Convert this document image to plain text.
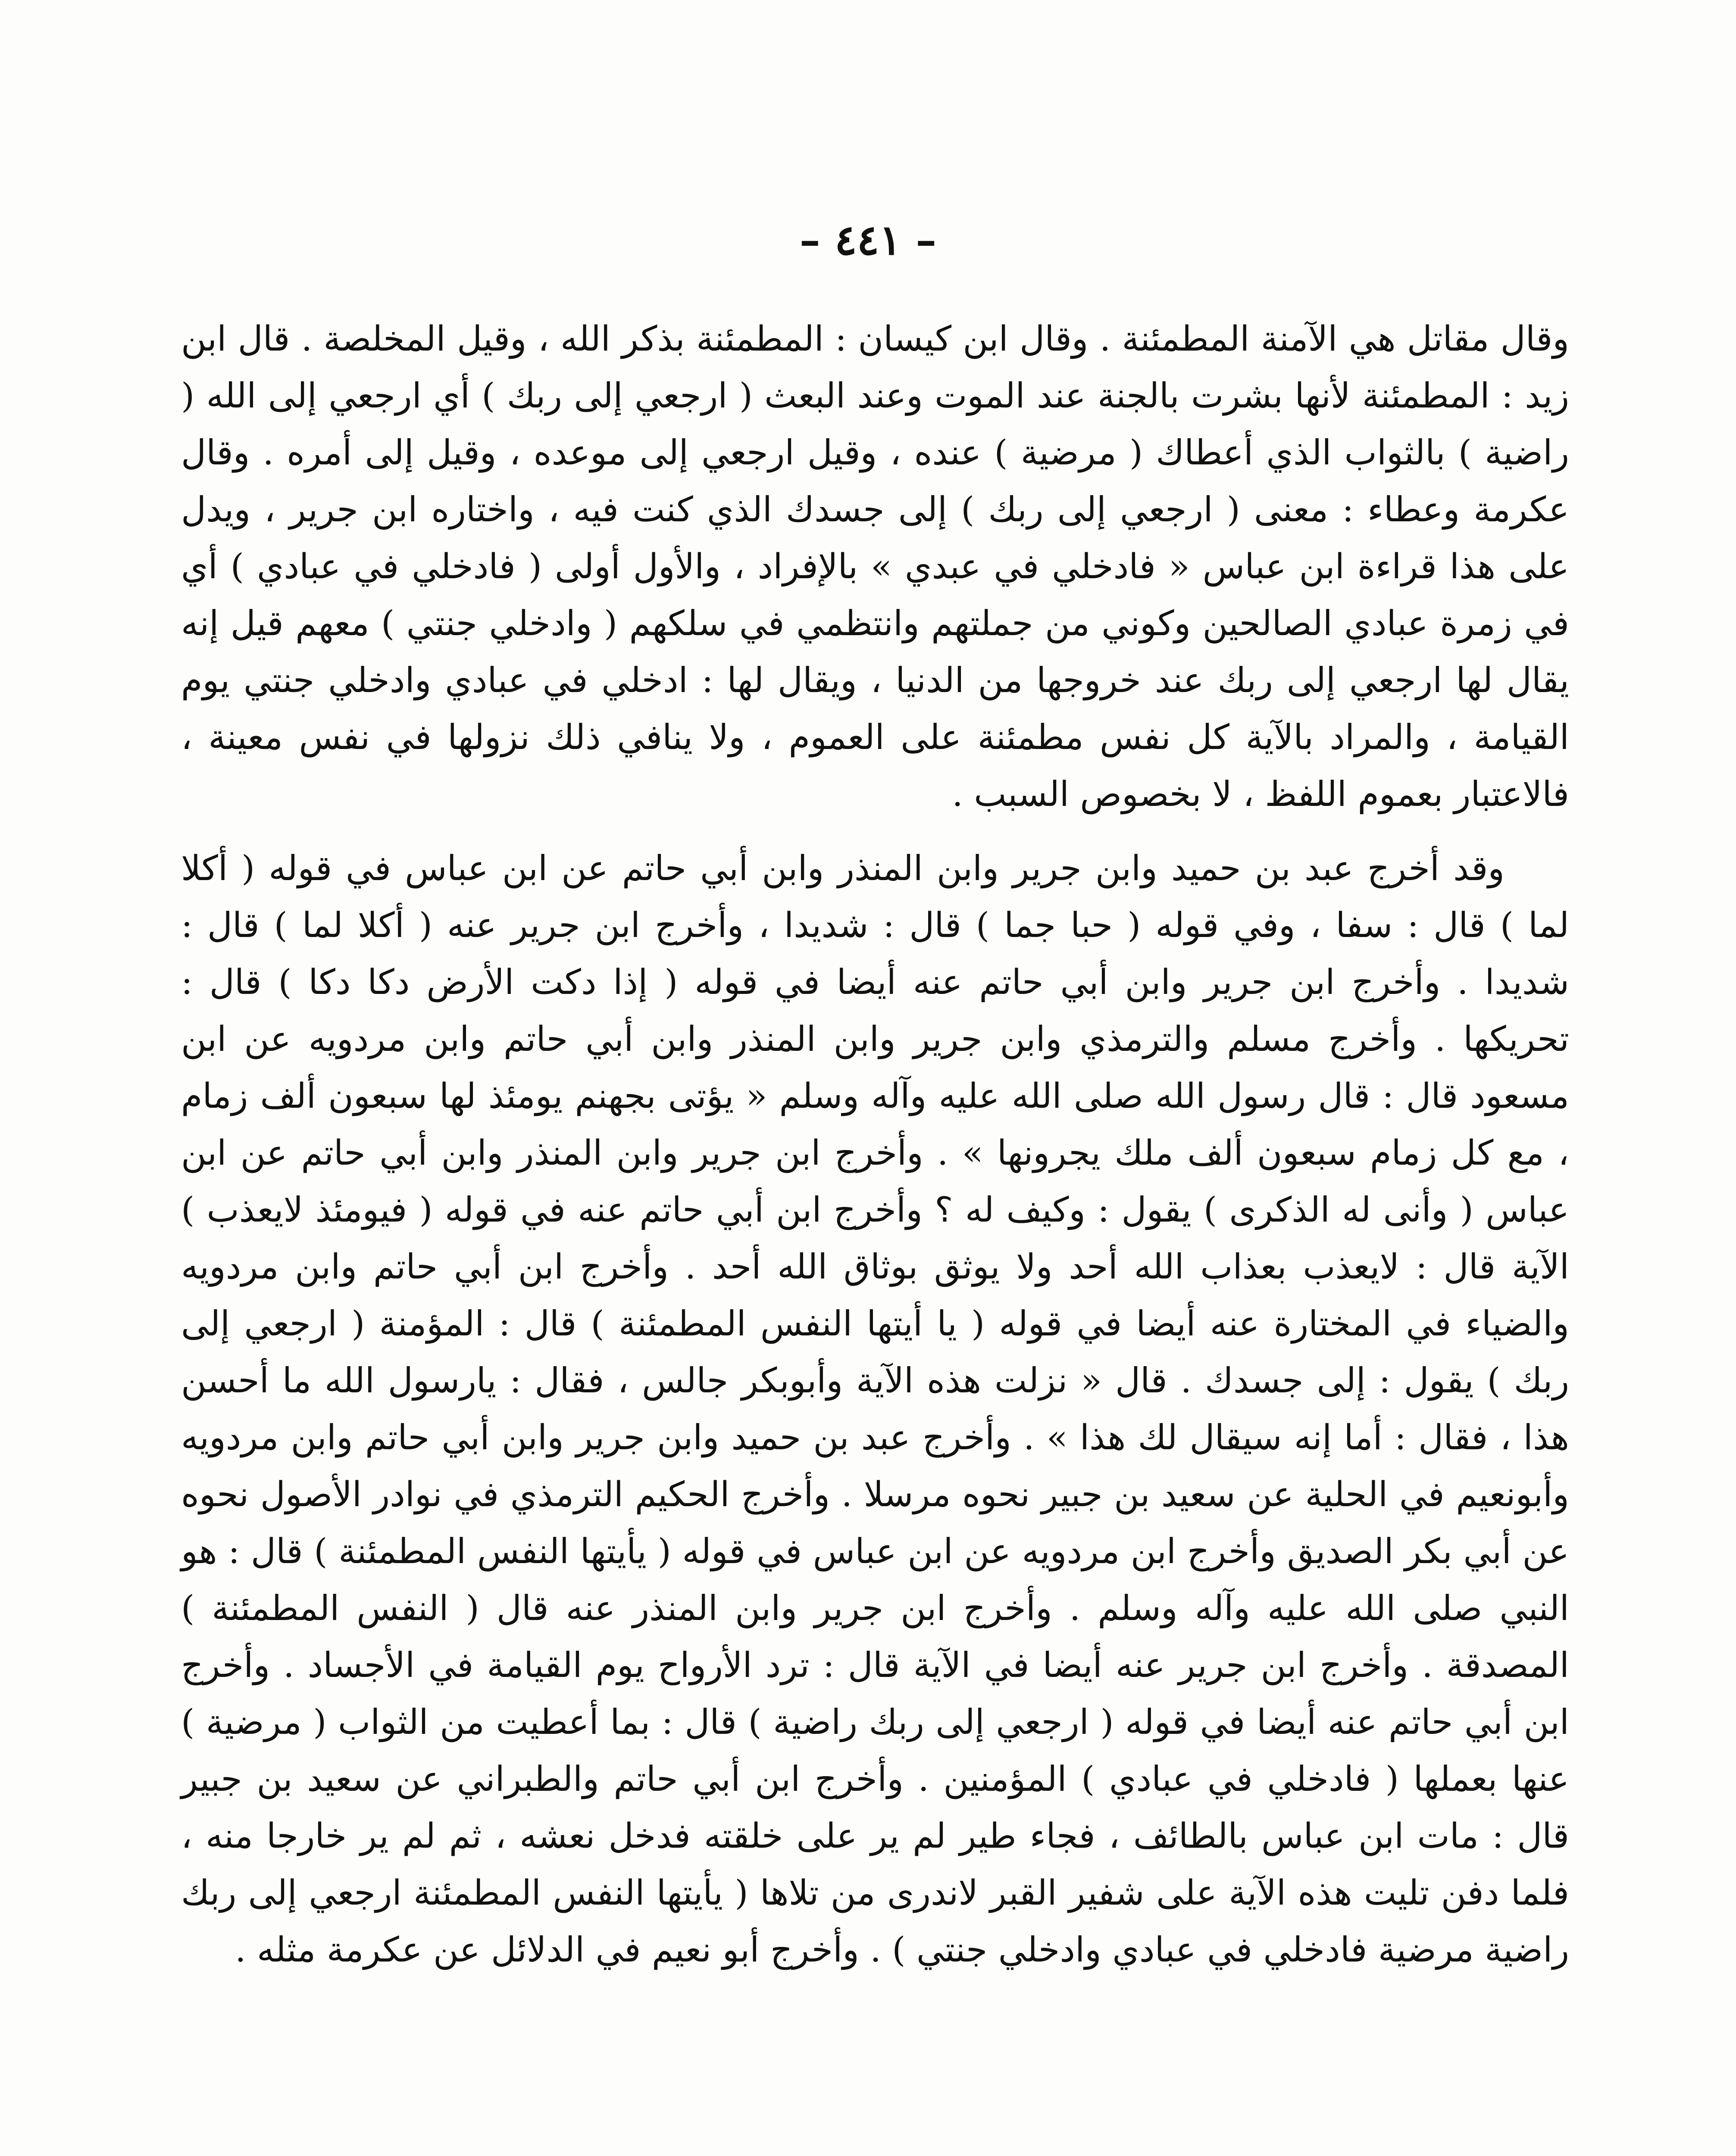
– ٤٤١ –

وقال مقاتل هي الآمنة المطمئنة . وقال ابن كيسان : المطمئنة بذكر الله ، وقيل المخلصة . قال ابن زيد : المطمئنة لأنها بشرت بالجنة عند الموت وعند البعث ( ارجعي إلى ربك ) أي ارجعي إلى الله ( راضية ) بالثواب الذي أعطاك ( مرضية ) عنده ، وقيل ارجعي إلى موعده ، وقيل إلى أمره . وقال عكرمة وعطاء : معنى ( ارجعي إلى ربك ) إلى جسدك الذي كنت فيه ، واختاره ابن جرير ، ويدل على هذا قراءة ابن عباس « فادخلي في عبدي » بالإفراد ، والأول أولى ( فادخلي في عبادي ) أي في زمرة عبادي الصالحين وكوني من جملتهم وانتظمي في سلكهم ( وادخلي جنتي ) معهم قيل إنه يقال لها ارجعي إلى ربك عند خروجها من الدنيا ، ويقال لها : ادخلي في عبادي وادخلي جنتي يوم القيامة ، والمراد بالآية كل نفس مطمئنة على العموم ، ولا ينافي ذلك نزولها في نفس معينة ، فالاعتبار بعموم اللفظ ، لا بخصوص السبب .

وقد أخرج عبد بن حميد وابن جرير وابن المنذر وابن أبي حاتم عن ابن عباس في قوله ( أكلا لما ) قال : سفا ، وفي قوله ( حبا جما ) قال : شديدا ، وأخرج ابن جرير عنه ( أكلا لما ) قال : شديدا . وأخرج ابن جرير وابن أبي حاتم عنه أيضا في قوله ( إذا دكت الأرض دكا دكا ) قال : تحريكها . وأخرج مسلم والترمذي وابن جرير وابن المنذر وابن أبي حاتم وابن مردويه عن ابن مسعود قال : قال رسول الله صلى الله عليه وآله وسلم « يؤتى بجهنم يومئذ لها سبعون ألف زمام ، مع كل زمام سبعون ألف ملك يجرونها » . وأخرج ابن جرير وابن المنذر وابن أبي حاتم عن ابن عباس ( وأنى له الذكرى ) يقول : وكيف له ؟ وأخرج ابن أبي حاتم عنه في قوله ( فيومئذ لايعذب ) الآية قال : لايعذب بعذاب الله أحد ولا يوثق بوثاق الله أحد . وأخرج ابن أبي حاتم وابن مردويه والضياء في المختارة عنه أيضا في قوله ( يا أيتها النفس المطمئنة ) قال : المؤمنة ( ارجعي إلى ربك ) يقول : إلى جسدك . قال « نزلت هذه الآية وأبوبكر جالس ، فقال : يارسول الله ما أحسن هذا ، فقال : أما إنه سيقال لك هذا » . وأخرج عبد بن حميد وابن جرير وابن أبي حاتم وابن مردويه وأبونعيم في الحلية عن سعيد بن جبير نحوه مرسلا . وأخرج الحكيم الترمذي في نوادر الأصول نحوه عن أبي بكر الصديق وأخرج ابن مردويه عن ابن عباس في قوله ( يأيتها النفس المطمئنة ) قال : هو النبي صلى الله عليه وآله وسلم . وأخرج ابن جرير وابن المنذر عنه قال ( النفس المطمئنة ) المصدقة . وأخرج ابن جرير عنه أيضا في الآية قال : ترد الأرواح يوم القيامة في الأجساد . وأخرج ابن أبي حاتم عنه أيضا في قوله ( ارجعي إلى ربك راضية ) قال : بما أعطيت من الثواب ( مرضية ) عنها بعملها ( فادخلي في عبادي ) المؤمنين . وأخرج ابن أبي حاتم والطبراني عن سعيد بن جبير قال : مات ابن عباس بالطائف ، فجاء طير لم ير على خلقته فدخل نعشه ، ثم لم ير خارجا منه ، فلما دفن تليت هذه الآية على شفير القبر لاندرى من تلاها ( يأيتها النفس المطمئنة ارجعي إلى ربك راضية مرضية فادخلي في عبادي وادخلي جنتي ) . وأخرج أبو نعيم في الدلائل عن عكرمة مثله .
